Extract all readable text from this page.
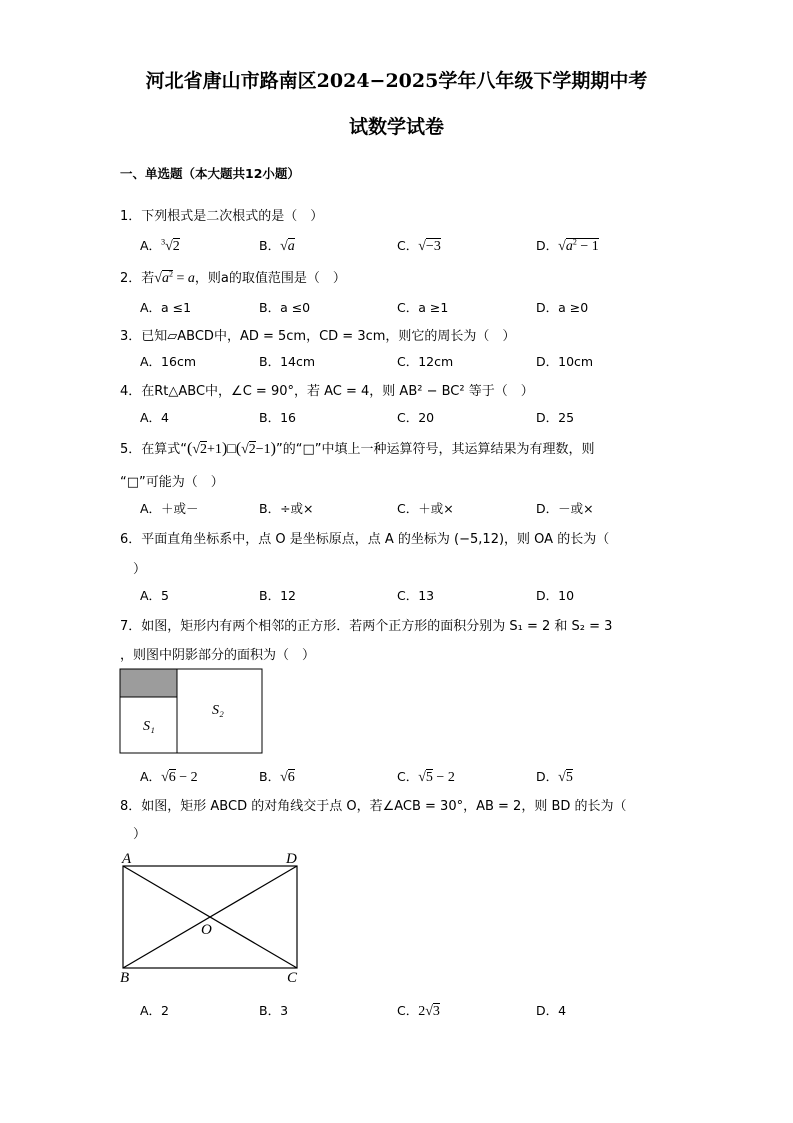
河北省唐山市路南区2024−2025学年八年级下学期期中考
试数学试卷
一、单选题（本大题共12小题）
1．下列根式是二次根式的是（　）
A．$^3$√2	B．√a	C．√−3	D．$√a^2 - 1$
2．若$√a^2 = a$，则a的取值范围是（　）
A．a ≤1	B．a ≤0	C．a ≥1	D．a ≥0
3．已知▱ABCD中，AD = 5cm，CD = 3cm，则它的周长为（　）
A．16cm	B．14cm	C．12cm	D．10cm
4．在Rt△ABC中，∠C = 90°，若 AC = 4，则 AB² − BC² 等于（　）
A．4	B．16	C．20	D．25
5．在算式“(√2+1)□(√2−1)”的“□”中填上一种运算符号，其运算结果为有理数，则
“□”可能为（　）
A．＋或－	B．÷或×	C．＋或×	D．－或×
6．平面直角坐标系中，点 O 是坐标原点，点 A 的坐标为 (−5,12)，则 OA 的长为（
）
A．5	B．12	C．13	D．10
7．如图，矩形内有两个相邻的正方形．若两个正方形的面积分别为 S₁ = 2 和 S₂ = 3
，则图中阴影部分的面积为（　）
S₁
S₂
A．√6 − 2	B．√6	C．√5 − 2	D．√5
8．如图，矩形 ABCD 的对角线交于点 O，若∠ACB = 30°，AB = 2，则 BD 的长为（
）
A	D
B	C
O
A．2	B．3	C．2√3	D．4
